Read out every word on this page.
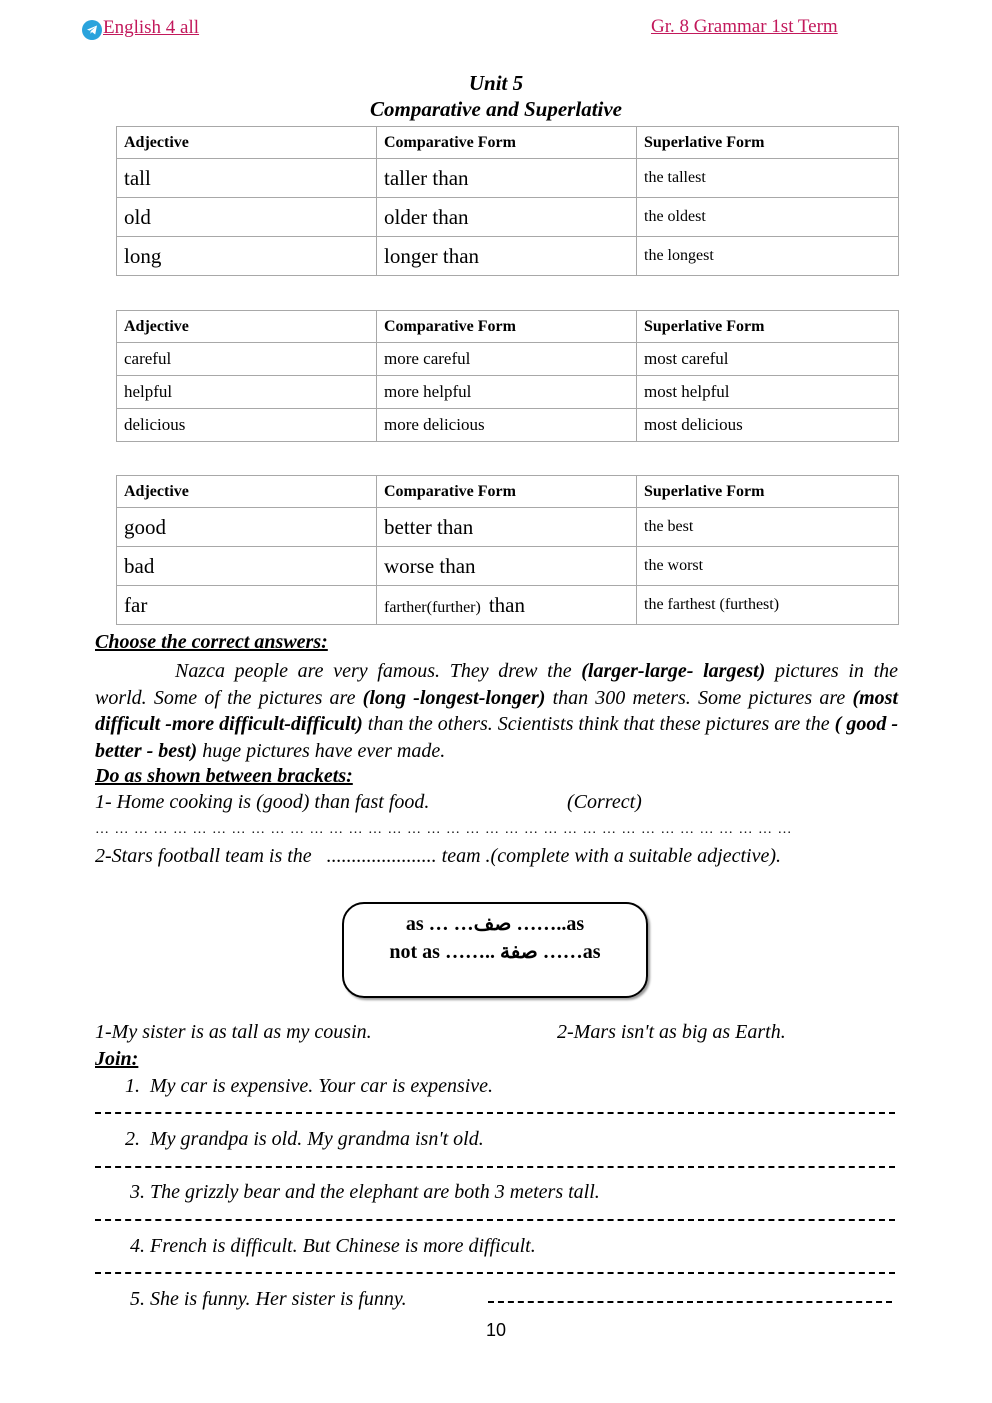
English 4 all	Gr. 8 Grammar 1st Term
Unit 5
Comparative and Superlative
Adjective	Comparative Form	Superlative Form
tall	taller than	the tallest
old	older than	the oldest
long	longer than	the longest
Adjective	Comparative Form	Superlative Form
careful	more careful	most careful
helpful	more helpful	most helpful
delicious	more delicious	most delicious
Adjective	Comparative Form	Superlative Form
good	better than	the best
bad	worse than	the worst
far	farther(further) than	the farthest (furthest)
Choose the correct answers:
Nazca people are very famous. They drew the (larger-large- largest) pictures in the world. Some of the pictures are (long -longest-longer) than 300 meters. Some pictures are (most difficult -more difficult-difficult) than the others. Scientists think that these pictures are the ( good - better - best) huge pictures have ever made.
Do as shown between brackets:
1- Home cooking is (good) than fast food.	(Correct)
… … … … … … … … … … … … … … … … … … … … … … … … … … … … … … … … … … … …
2-Stars football team is the   ...................... team .(complete with a suitable adjective).
as … …صف ……..as
not as …….. صفة ……as
1-My sister is as tall as my cousin.	2-Mars isn't as big as Earth.
Join:
1.  My car is expensive. Your car is expensive.
2.  My grandpa is old. My grandma isn't old.
3. The grizzly bear and the elephant are both 3 meters tall.
4. French is difficult. But Chinese is more difficult.
5. She is funny. Her sister is funny.
10
